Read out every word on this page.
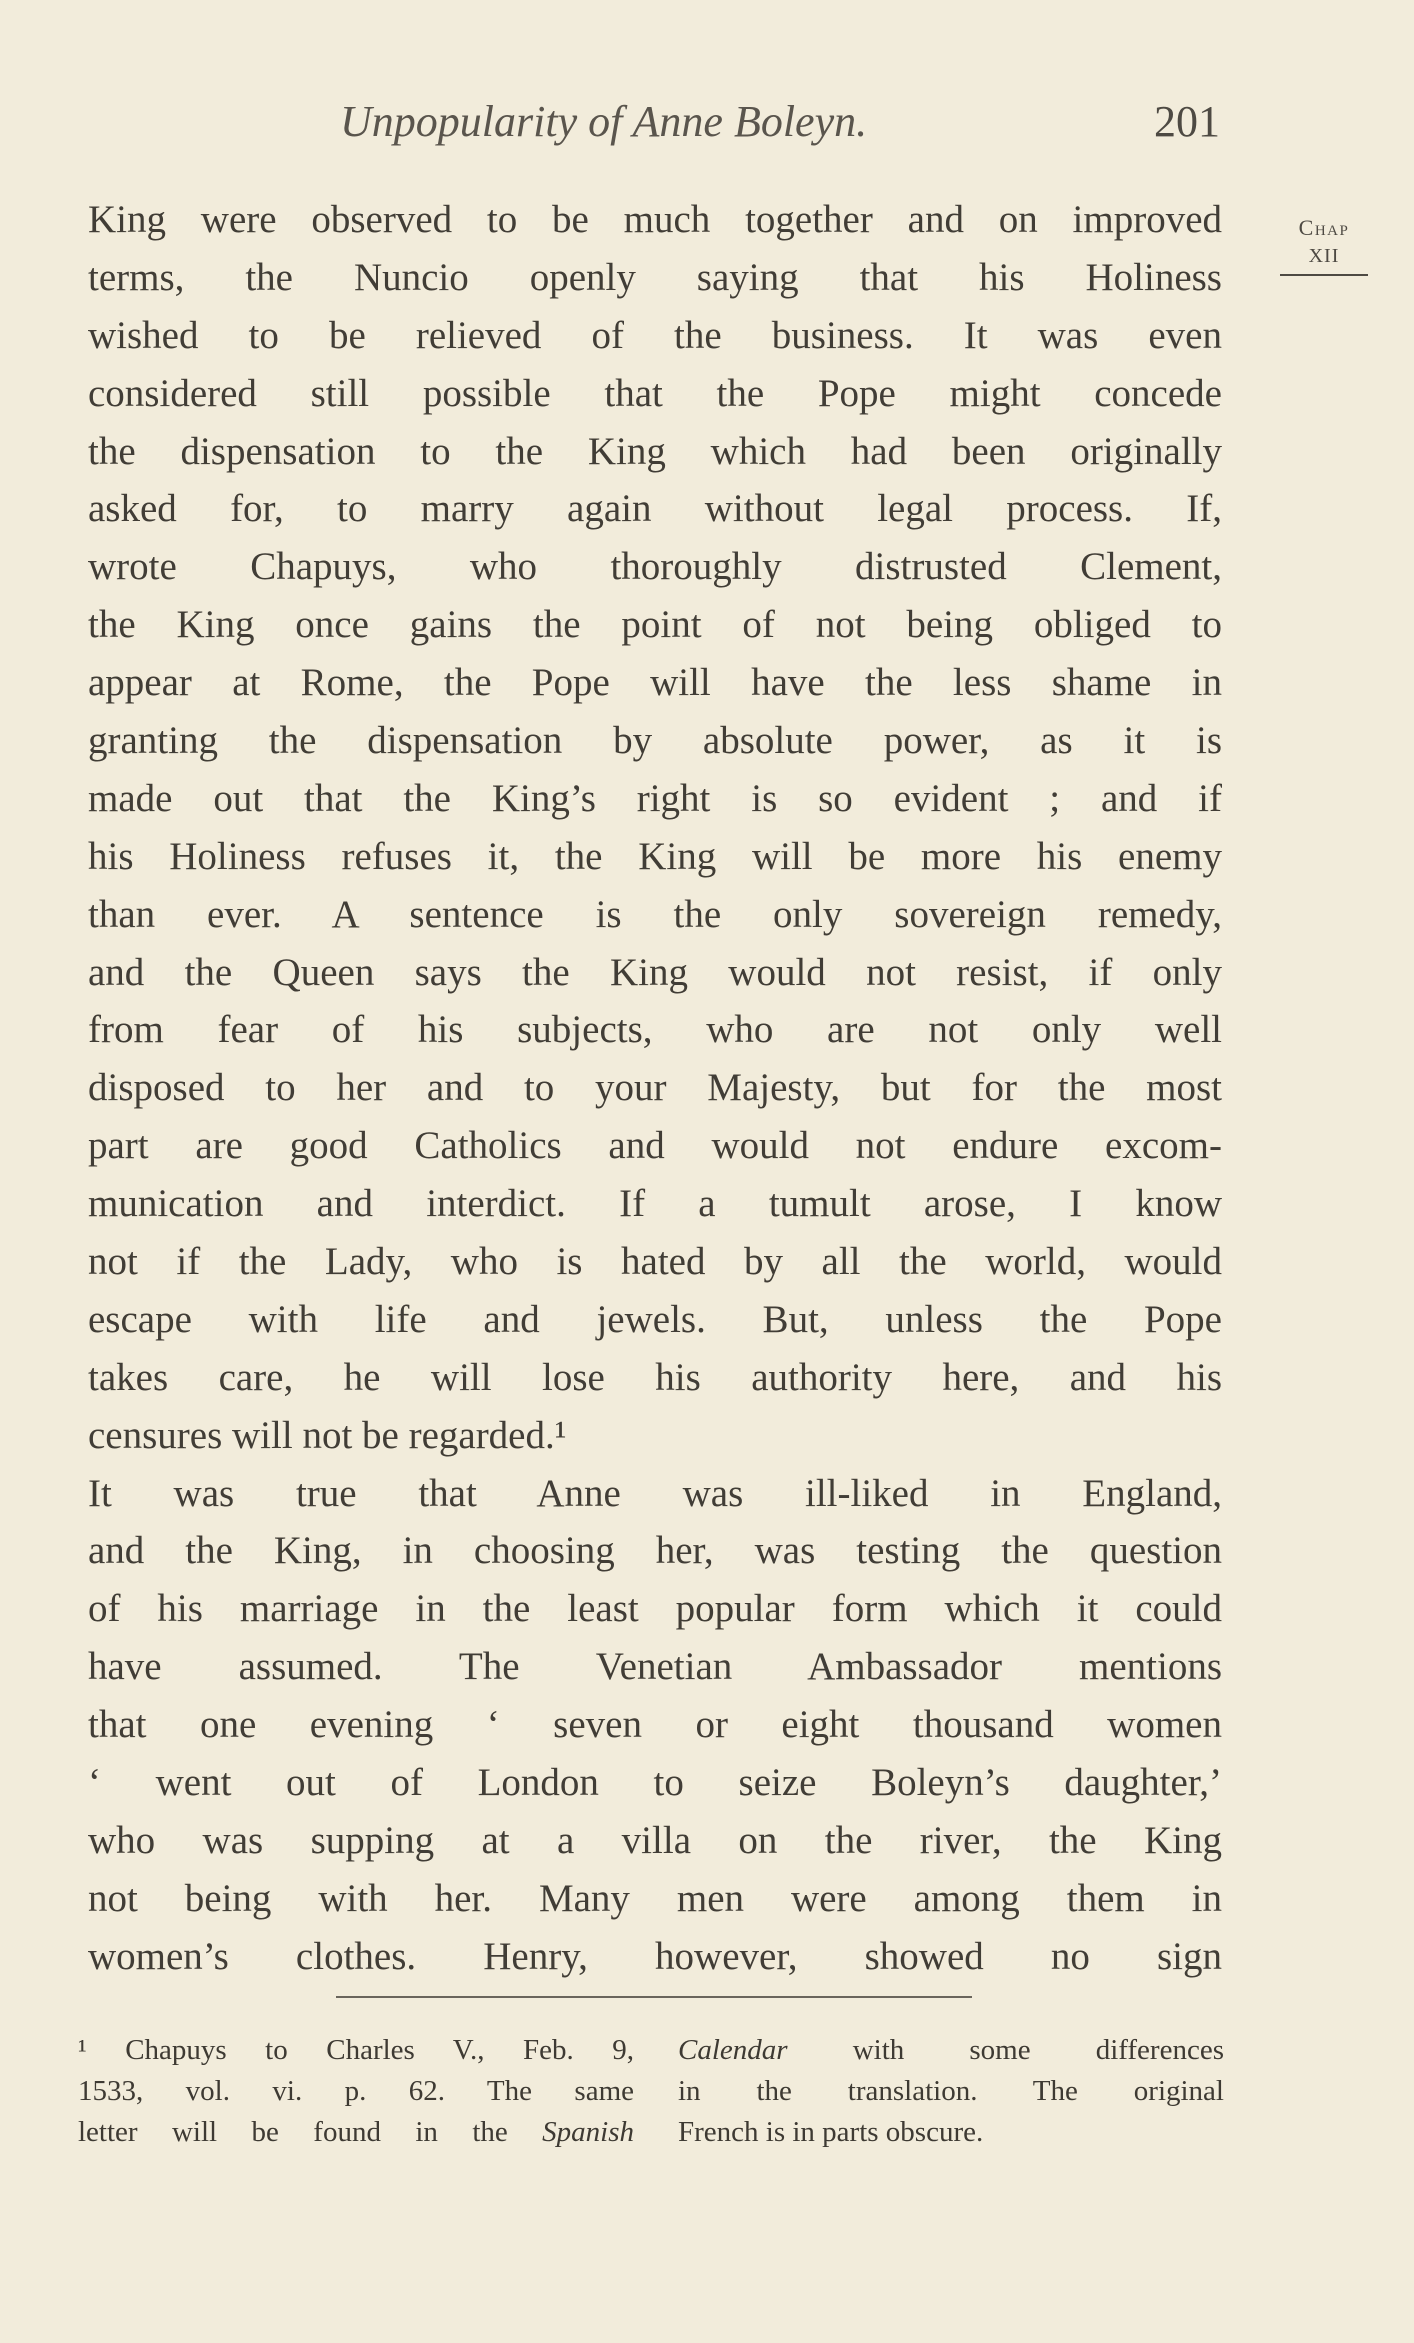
Unpopularity of Anne Boleyn.	201
Chap
XII
King were observed to be much together and on improved
terms, the Nuncio openly saying that his Holiness
wished to be relieved of the business. It was even
considered still possible that the Pope might concede
the dispensation to the King which had been originally
asked for, to marry again without legal process. If,
wrote Chapuys, who thoroughly distrusted Clement,
the King once gains the point of not being obliged to
appear at Rome, the Pope will have the less shame in
granting the dispensation by absolute power, as it is
made out that the King’s right is so evident ; and if
his Holiness refuses it, the King will be more his enemy
than ever. A sentence is the only sovereign remedy,
and the Queen says the King would not resist, if only
from fear of his subjects, who are not only well
disposed to her and to your Majesty, but for the most
part are good Catholics and would not endure excom-
munication and interdict. If a tumult arose, I know
not if the Lady, who is hated by all the world, would
escape with life and jewels. But, unless the Pope
takes care, he will lose his authority here, and his
censures will not be regarded.¹
It was true that Anne was ill-liked in England,
and the King, in choosing her, was testing the question
of his marriage in the least popular form which it could
have assumed. The Venetian Ambassador mentions
that one evening ‘ seven or eight thousand women
‘ went out of London to seize Boleyn’s daughter,’
who was supping at a villa on the river, the King
not being with her. Many men were among them in
women’s clothes. Henry, however, showed no sign
¹ Chapuys to Charles V., Feb. 9,
1533, vol. vi. p. 62. The same
letter will be found in the Spanish
Calendar with some differences
in the translation. The original
French is in parts obscure.
